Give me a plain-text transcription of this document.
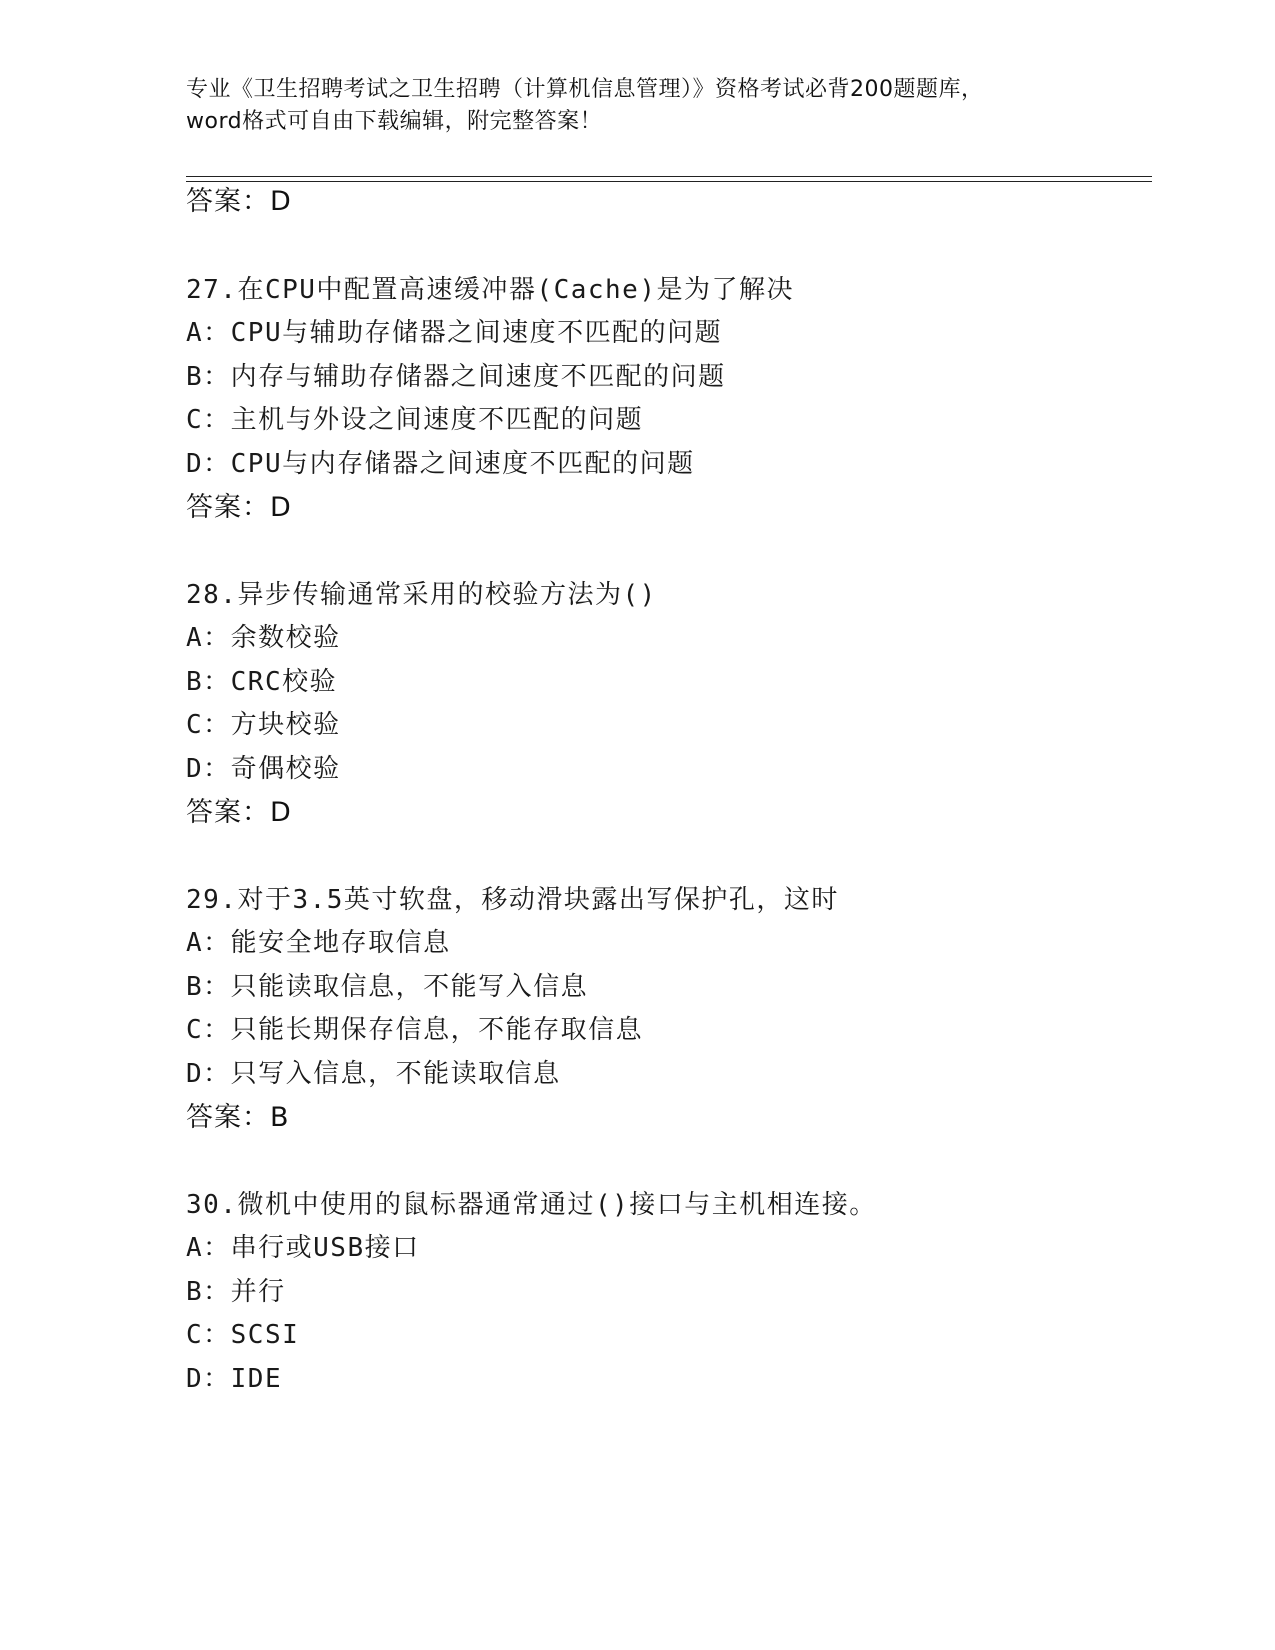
专业《卫生招聘考试之卫生招聘（计算机信息管理）》资格考试必背200题题库，
word格式可自由下载编辑，附完整答案！
答案：D
27.在CPU中配置高速缓冲器(Cache)是为了解决
A：CPU与辅助存储器之间速度不匹配的问题
B：内存与辅助存储器之间速度不匹配的问题
C：主机与外设之间速度不匹配的问题
D：CPU与内存储器之间速度不匹配的问题
答案：D
28.异步传输通常采用的校验方法为()
A：余数校验
B：CRC校验
C：方块校验
D：奇偶校验
答案：D
29.对于3.5英寸软盘，移动滑块露出写保护孔，这时
A：能安全地存取信息
B：只能读取信息，不能写入信息
C：只能长期保存信息，不能存取信息
D：只写入信息，不能读取信息
答案：B
30.微机中使用的鼠标器通常通过()接口与主机相连接。
A：串行或USB接口
B：并行
C：SCSI
D：IDE
